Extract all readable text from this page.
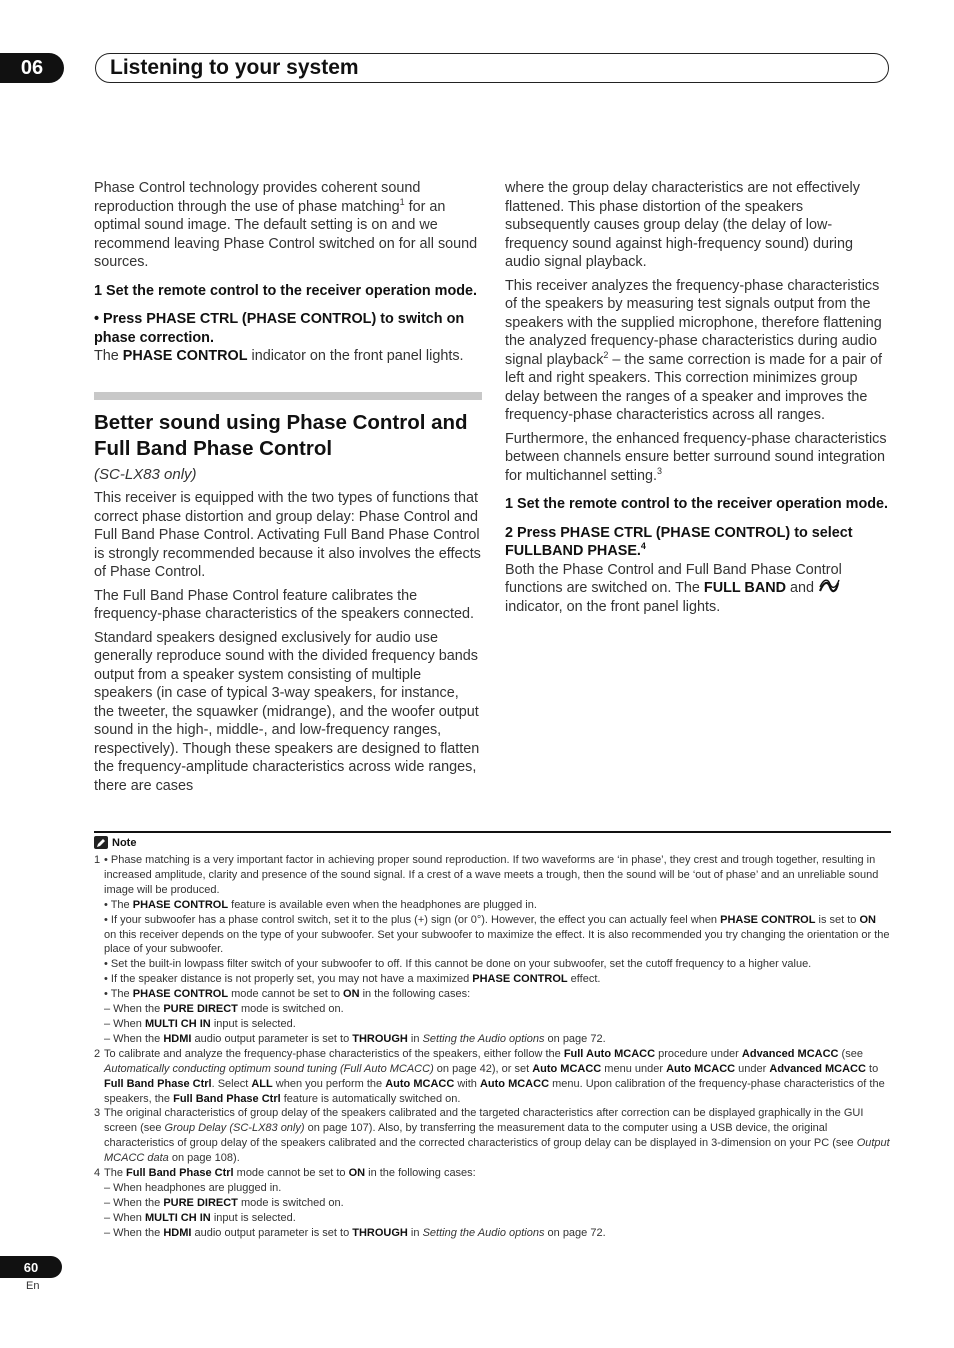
06	Listening to your system

Phase Control technology provides coherent sound reproduction through the use of phase matching$^1$ for an optimal sound image. The default setting is on and we recommend leaving Phase Control switched on for all sound sources.

1 Set the remote control to the receiver operation mode.
• Press PHASE CTRL (PHASE CONTROL) to switch on phase correction.

The PHASE CONTROL indicator on the front panel lights.

Better sound using Phase Control and Full Band Phase Control
(SC-LX83 only)

This receiver is equipped with the two types of functions that correct phase distortion and group delay: Phase Control and Full Band Phase Control. Activating Full Band Phase Control is strongly recommended because it also involves the effects of Phase Control.

The Full Band Phase Control feature calibrates the frequency-phase characteristics of the speakers connected.

Standard speakers designed exclusively for audio use generally reproduce sound with the divided frequency bands output from a speaker system consisting of multiple speakers (in case of typical 3-way speakers, for instance, the tweeter, the squawker (midrange), and the woofer output sound in the high-, middle-, and low-frequency ranges, respectively). Though these speakers are designed to flatten the frequency-amplitude characteristics across wide ranges, there are cases

where the group delay characteristics are not effectively flattened. This phase distortion of the speakers subsequently causes group delay (the delay of low-frequency sound against high-frequency sound) during audio signal playback.

This receiver analyzes the frequency-phase characteristics of the speakers by measuring test signals output from the speakers with the supplied microphone, therefore flattening the analyzed frequency-phase characteristics during audio signal playback$^2$ – the same correction is made for a pair of left and right speakers. This correction minimizes group delay between the ranges of a speaker and improves the frequency-phase characteristics across all ranges.

Furthermore, the enhanced frequency-phase characteristics between channels ensure better surround sound integration for multichannel setting.$^3$

1 Set the remote control to the receiver operation mode.
2 Press PHASE CTRL (PHASE CONTROL) to select FULLBAND PHASE.$^4$

Both the Phase Control and Full Band Phase Control functions are switched on. The FULL BAND and  indicator, on the front panel lights.

Note
1 • Phase matching is a very important factor in achieving proper sound reproduction. If two waveforms are ‘in phase’, they crest and trough together, resulting in increased amplitude, clarity and presence of the sound signal. If a crest of a wave meets a trough, then the sound will be ‘out of phase’ and an unreliable sound image will be produced.
• The PHASE CONTROL feature is available even when the headphones are plugged in.
• If your subwoofer has a phase control switch, set it to the plus (+) sign (or 0°). However, the effect you can actually feel when PHASE CONTROL is set to ON on this receiver depends on the type of your subwoofer. Set your subwoofer to maximize the effect. It is also recommended you try changing the orientation or the place of your subwoofer.
• Set the built-in lowpass filter switch of your subwoofer to off. If this cannot be done on your subwoofer, set the cutoff frequency to a higher value.
• If the speaker distance is not properly set, you may not have a maximized PHASE CONTROL effect.
• The PHASE CONTROL mode cannot be set to ON in the following cases:
– When the PURE DIRECT mode is switched on.
– When MULTI CH IN input is selected.
– When the HDMI audio output parameter is set to THROUGH in Setting the Audio options on page 72.
2 To calibrate and analyze the frequency-phase characteristics of the speakers, either follow the Full Auto MCACC procedure under Advanced MCACC (see Automatically conducting optimum sound tuning (Full Auto MCACC) on page 42), or set Auto MCACC menu under Auto MCACC under Advanced MCACC to Full Band Phase Ctrl. Select ALL when you perform the Auto MCACC with Auto MCACC menu. Upon calibration of the frequency-phase characteristics of the speakers, the Full Band Phase Ctrl feature is automatically switched on.
3 The original characteristics of group delay of the speakers calibrated and the targeted characteristics after correction can be displayed graphically in the GUI screen (see Group Delay (SC-LX83 only) on page 107). Also, by transferring the measurement data to the computer using a USB device, the original characteristics of group delay of the speakers calibrated and the corrected characteristics of group delay can be displayed in 3-dimension on your PC (see Output MCACC data on page 108).
4 The Full Band Phase Ctrl mode cannot be set to ON in the following cases:
– When headphones are plugged in.
– When the PURE DIRECT mode is switched on.
– When MULTI CH IN input is selected.
– When the HDMI audio output parameter is set to THROUGH in Setting the Audio options on page 72.
60
En
